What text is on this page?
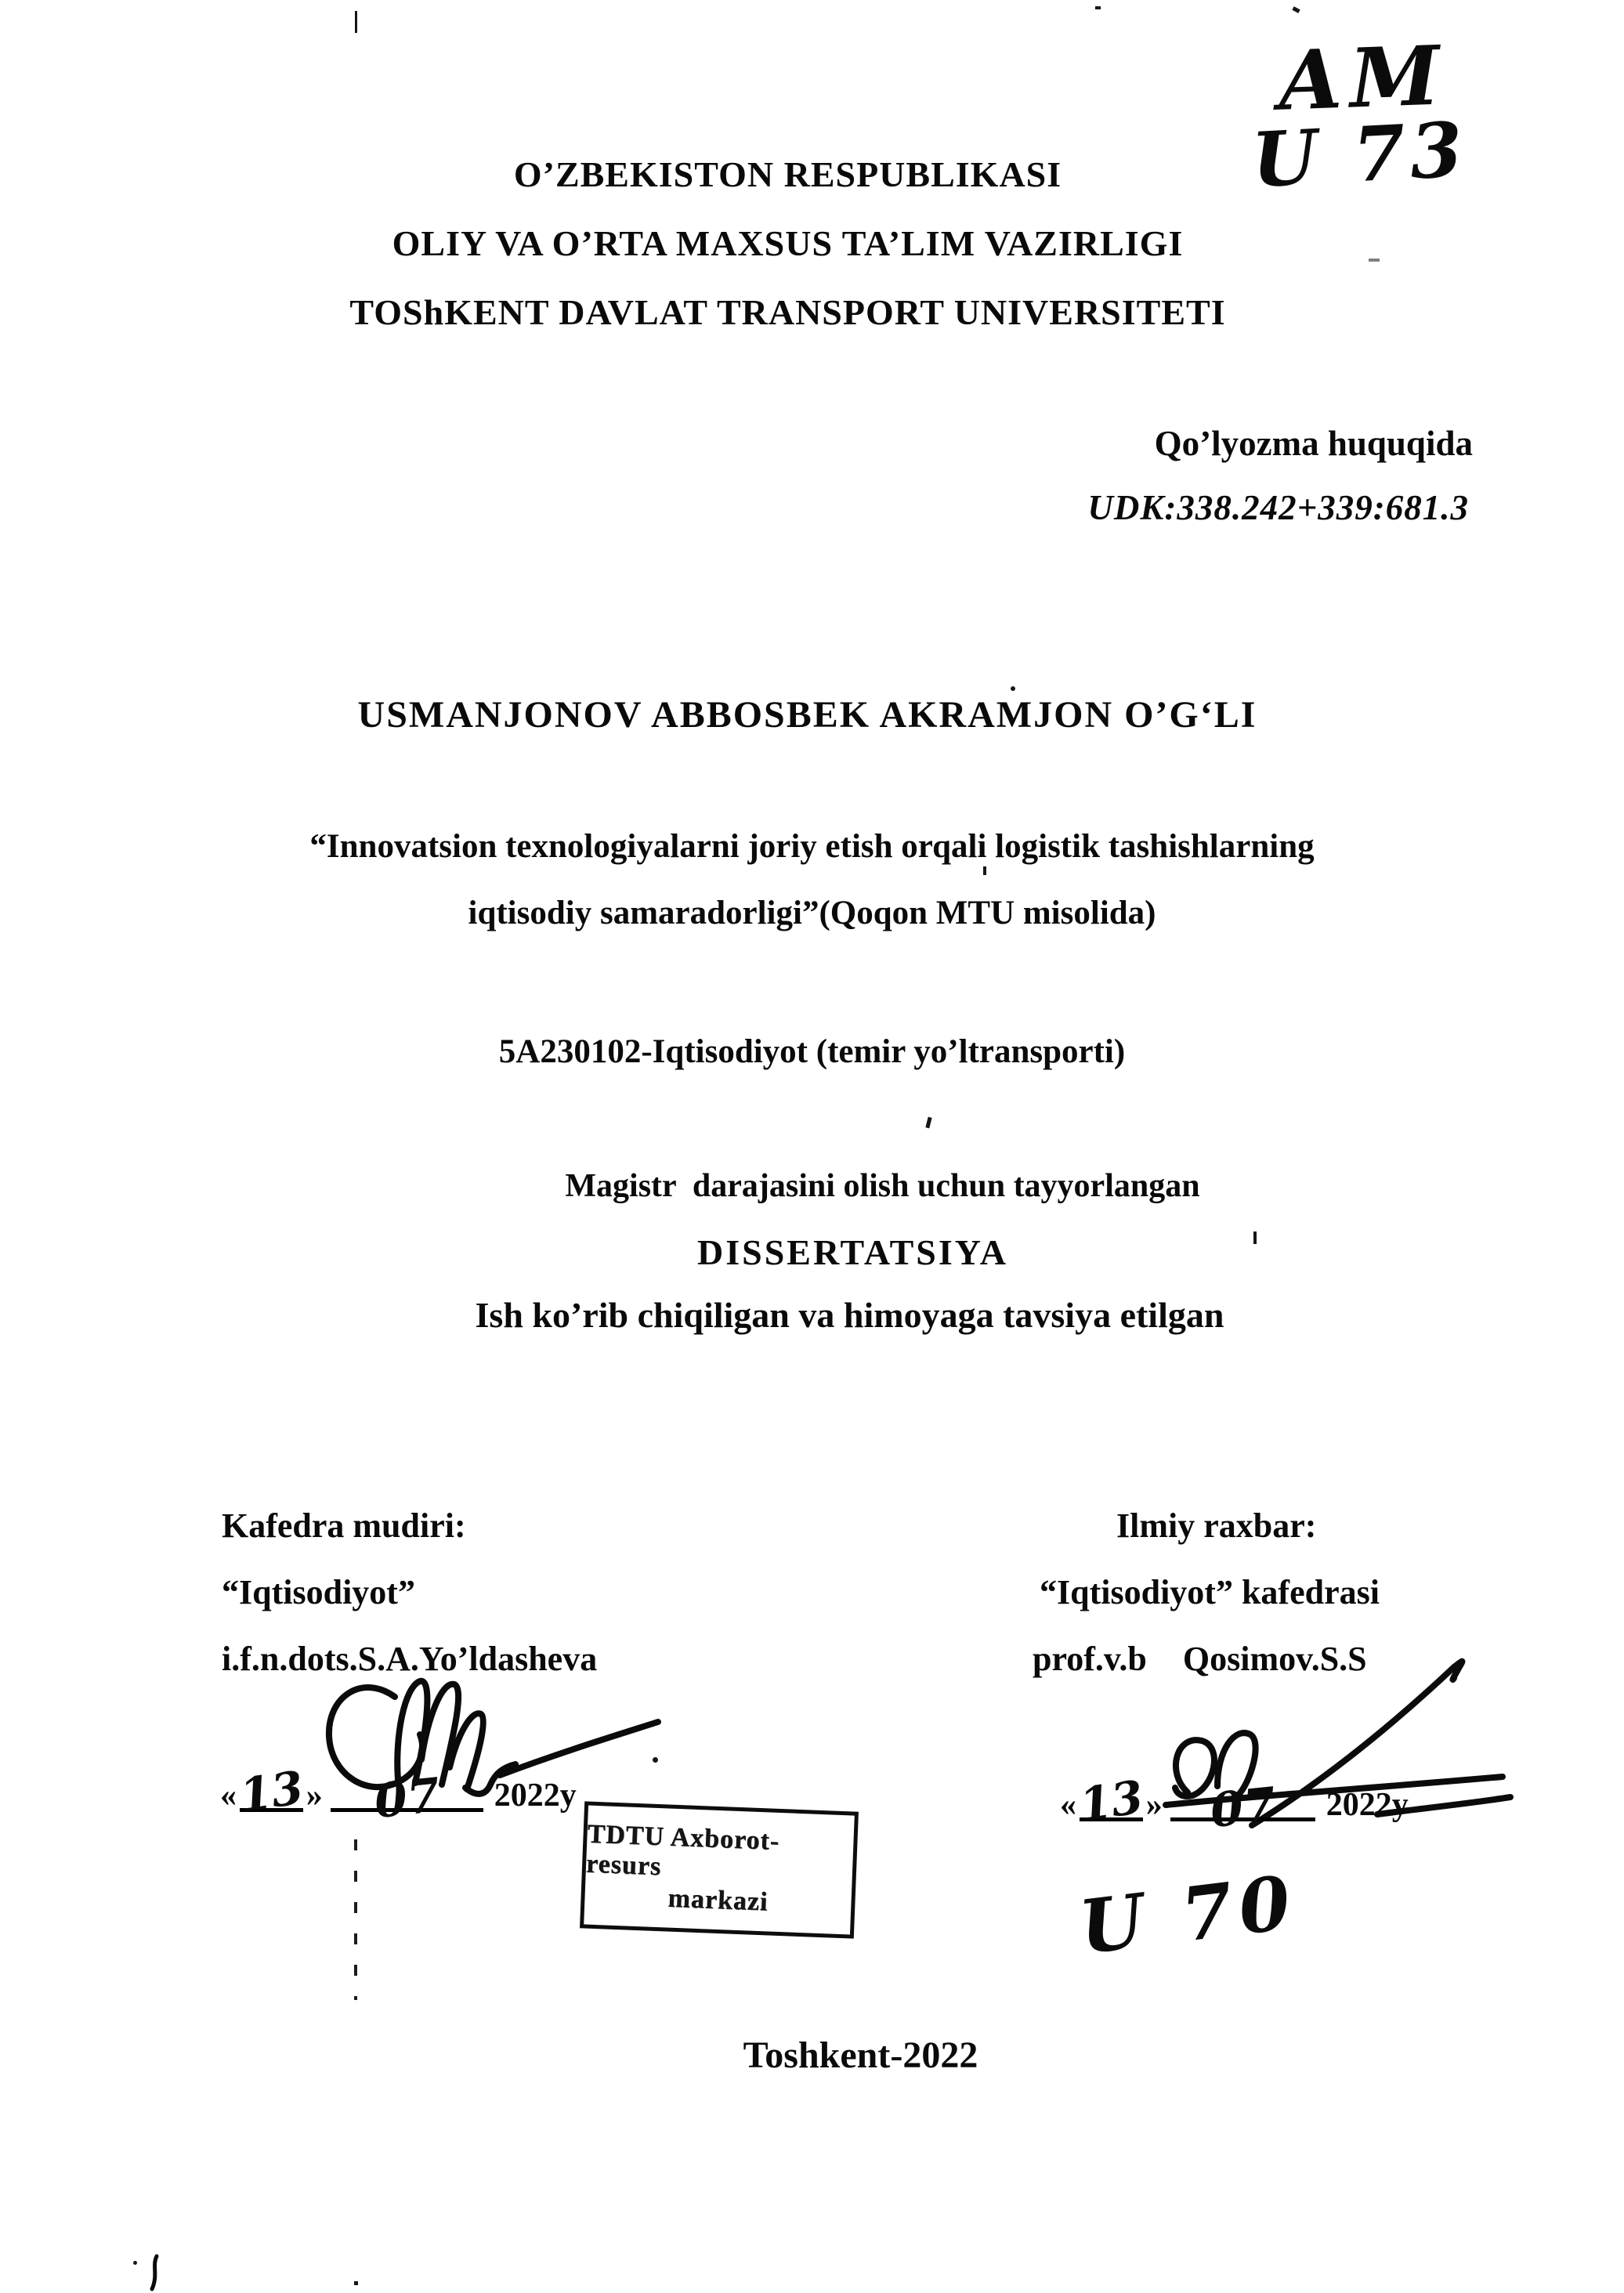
AM
U 73
O’ZBEKISTON RESPUBLIKASI
OLIY VA O’RTA MAXSUS TA’LIM VAZIRLIGI
TOShKENT DAVLAT TRANSPORT UNIVERSITETI
Qo’lyozma huquqida
UDK:338.242+339:681.3
USMANJONOV ABBOSBEK AKRAMJON O’G‘LI
“Innovatsion texnologiyalarni joriy etish orqali logistik tashishlarning
iqtisodiy samaradorligi”(Qoqon MTU misolida)
5A230102-Iqtisodiyot (temir yo’ltransporti)
Magistr  darajasini olish uchun tayyorlangan
DISSERTATSIYA
Ish ko’rib chiqiligan va himoyaga tavsiya etilgan
Kafedra mudiri:
“Iqtisodiyot”
i.f.n.dots.S.A.Yo’ldasheva
Ilmiy raxbar:
“Iqtisodiyot” kafedrasi
prof.v.b Qosimov.S.S
«13» 07 2022y	«13» 07 2022y
TDTU Axborot-resurs
markazi	U 70
Toshkent-2022
